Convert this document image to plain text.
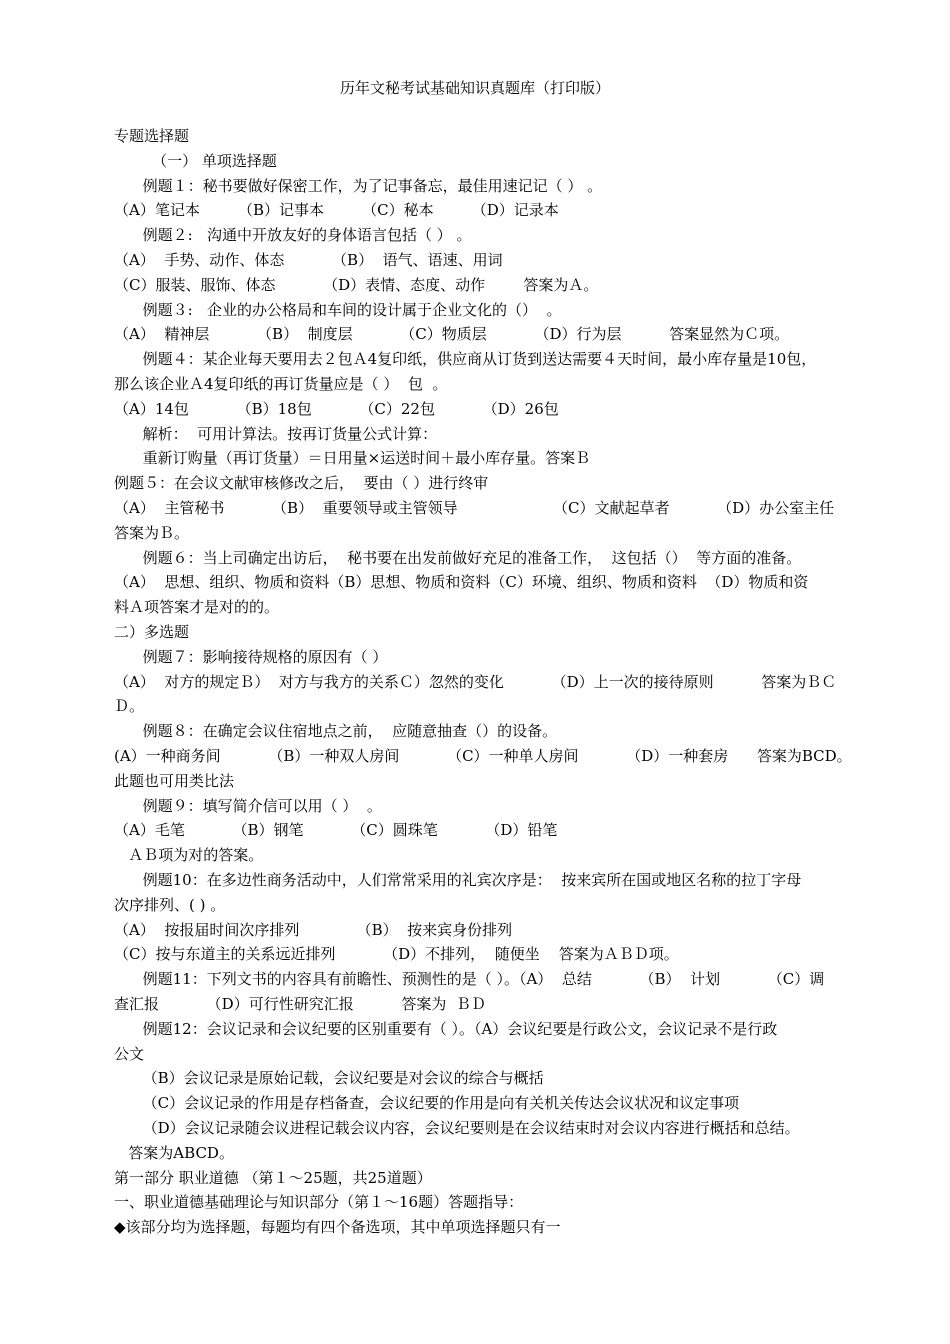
历年文秘考试基础知识真题库（打印版）
专题选择题
（一） 单项选择题
例题１：秘书要做好保密工作，为了记事备忘，最佳用速记记（ ） 。
（A）笔记本        （B）记事本        （C）秘本        （D）记录本
例题２:   沟通中开放友好的身体语言包括（ ） 。
（A）  手势、动作、体态          （B）  语气、语速、用词
（C）服装、服饰、体态          （D）表情、态度、动作        答案为Ａ。
例题３:   企业的办公格局和车间的设计属于企业文化的（）  。
（A）  精神层          （B）  制度层          （C）物质层          （D）行为层          答案显然为Ｃ项。
例题４：某企业每天要用去２包Ａ4复印纸，供应商从订货到送达需要４天时间，最小库存量是10包，
那么该企业Ａ4复印纸的再订货量应是（ ）  包  。
（A）14包          （B）18包          （C）22包          （D）26包
解析：  可用计算法。按再订货量公式计算：
重新订购量（再订货量）＝日用量×运送时间＋最小库存量。答案Ｂ
例题５：在会议文献审核修改之后，  要由（ ）进行终审
（A）  主管秘书          （B）  重要领导或主管领导                    （C）文献起草者          （D）办公室主任
答案为Ｂ。
例题６：当上司确定出访后，  秘书要在出发前做好充足的准备工作，  这包括（）  等方面的准备。
（A）  思想、组织、物质和资料（B）思想、物质和资料（C）环境、组织、物质和资料  （D）物质和资
料Ａ项答案才是对的的。
二）多选题
例题７：影响接待规格的原因有（ ）
（A）  对方的规定Ｂ）  对方与我方的关系Ｃ）忽然的变化          （D）上一次的接待原则          答案为ＢＣ
Ｄ。
例题８：在确定会议住宿地点之前，  应随意抽查（）的设备。
(A）一种商务间          （B）一种双人房间          （C）一种单人房间          （D）一种套房      答案为BCD。
此题也可用类比法
例题９：填写简介信可以用（ ）  。
（A）毛笔          （B）钢笔          （C）圆珠笔          （D）铅笔
ＡＢ项为对的答案。
例题10：在多边性商务活动中，人们常常采用的礼宾次序是：  按来宾所在国或地区名称的拉丁字母
次序排列、( ) 。
（A）  按报届时间次序排列            （B）  按来宾身份排列
（C）按与东道主的关系远近排列          （D）不排列，  随便坐    答案为ＡＢＤ项。
例题11：下列文书的内容具有前瞻性、预测性的是（ ）。（A）  总结          （B）  计划          （C）调
查汇报          （D）可行性研究汇报          答案为  ＢＤ
例题12：会议记录和会议纪要的区别重要有（ ）。（A）会议纪要是行政公文，会议记录不是行政
公文
（B）会议记录是原始记载，会议纪要是对会议的综合与概括
（C）会议记录的作用是存档备查，会议纪要的作用是向有关机关传达会议状况和议定事项
（D）会议记录随会议进程记载会议内容，会议纪要则是在会议结束时对会议内容进行概括和总结。
答案为ABCD。
第一部分 职业道德 （第１～25题，共25道题）
一、职业道德基础理论与知识部分（第１～16题）答题指导：
◆该部分均为选择题，每题均有四个备选项，其中单项选择题只有一
